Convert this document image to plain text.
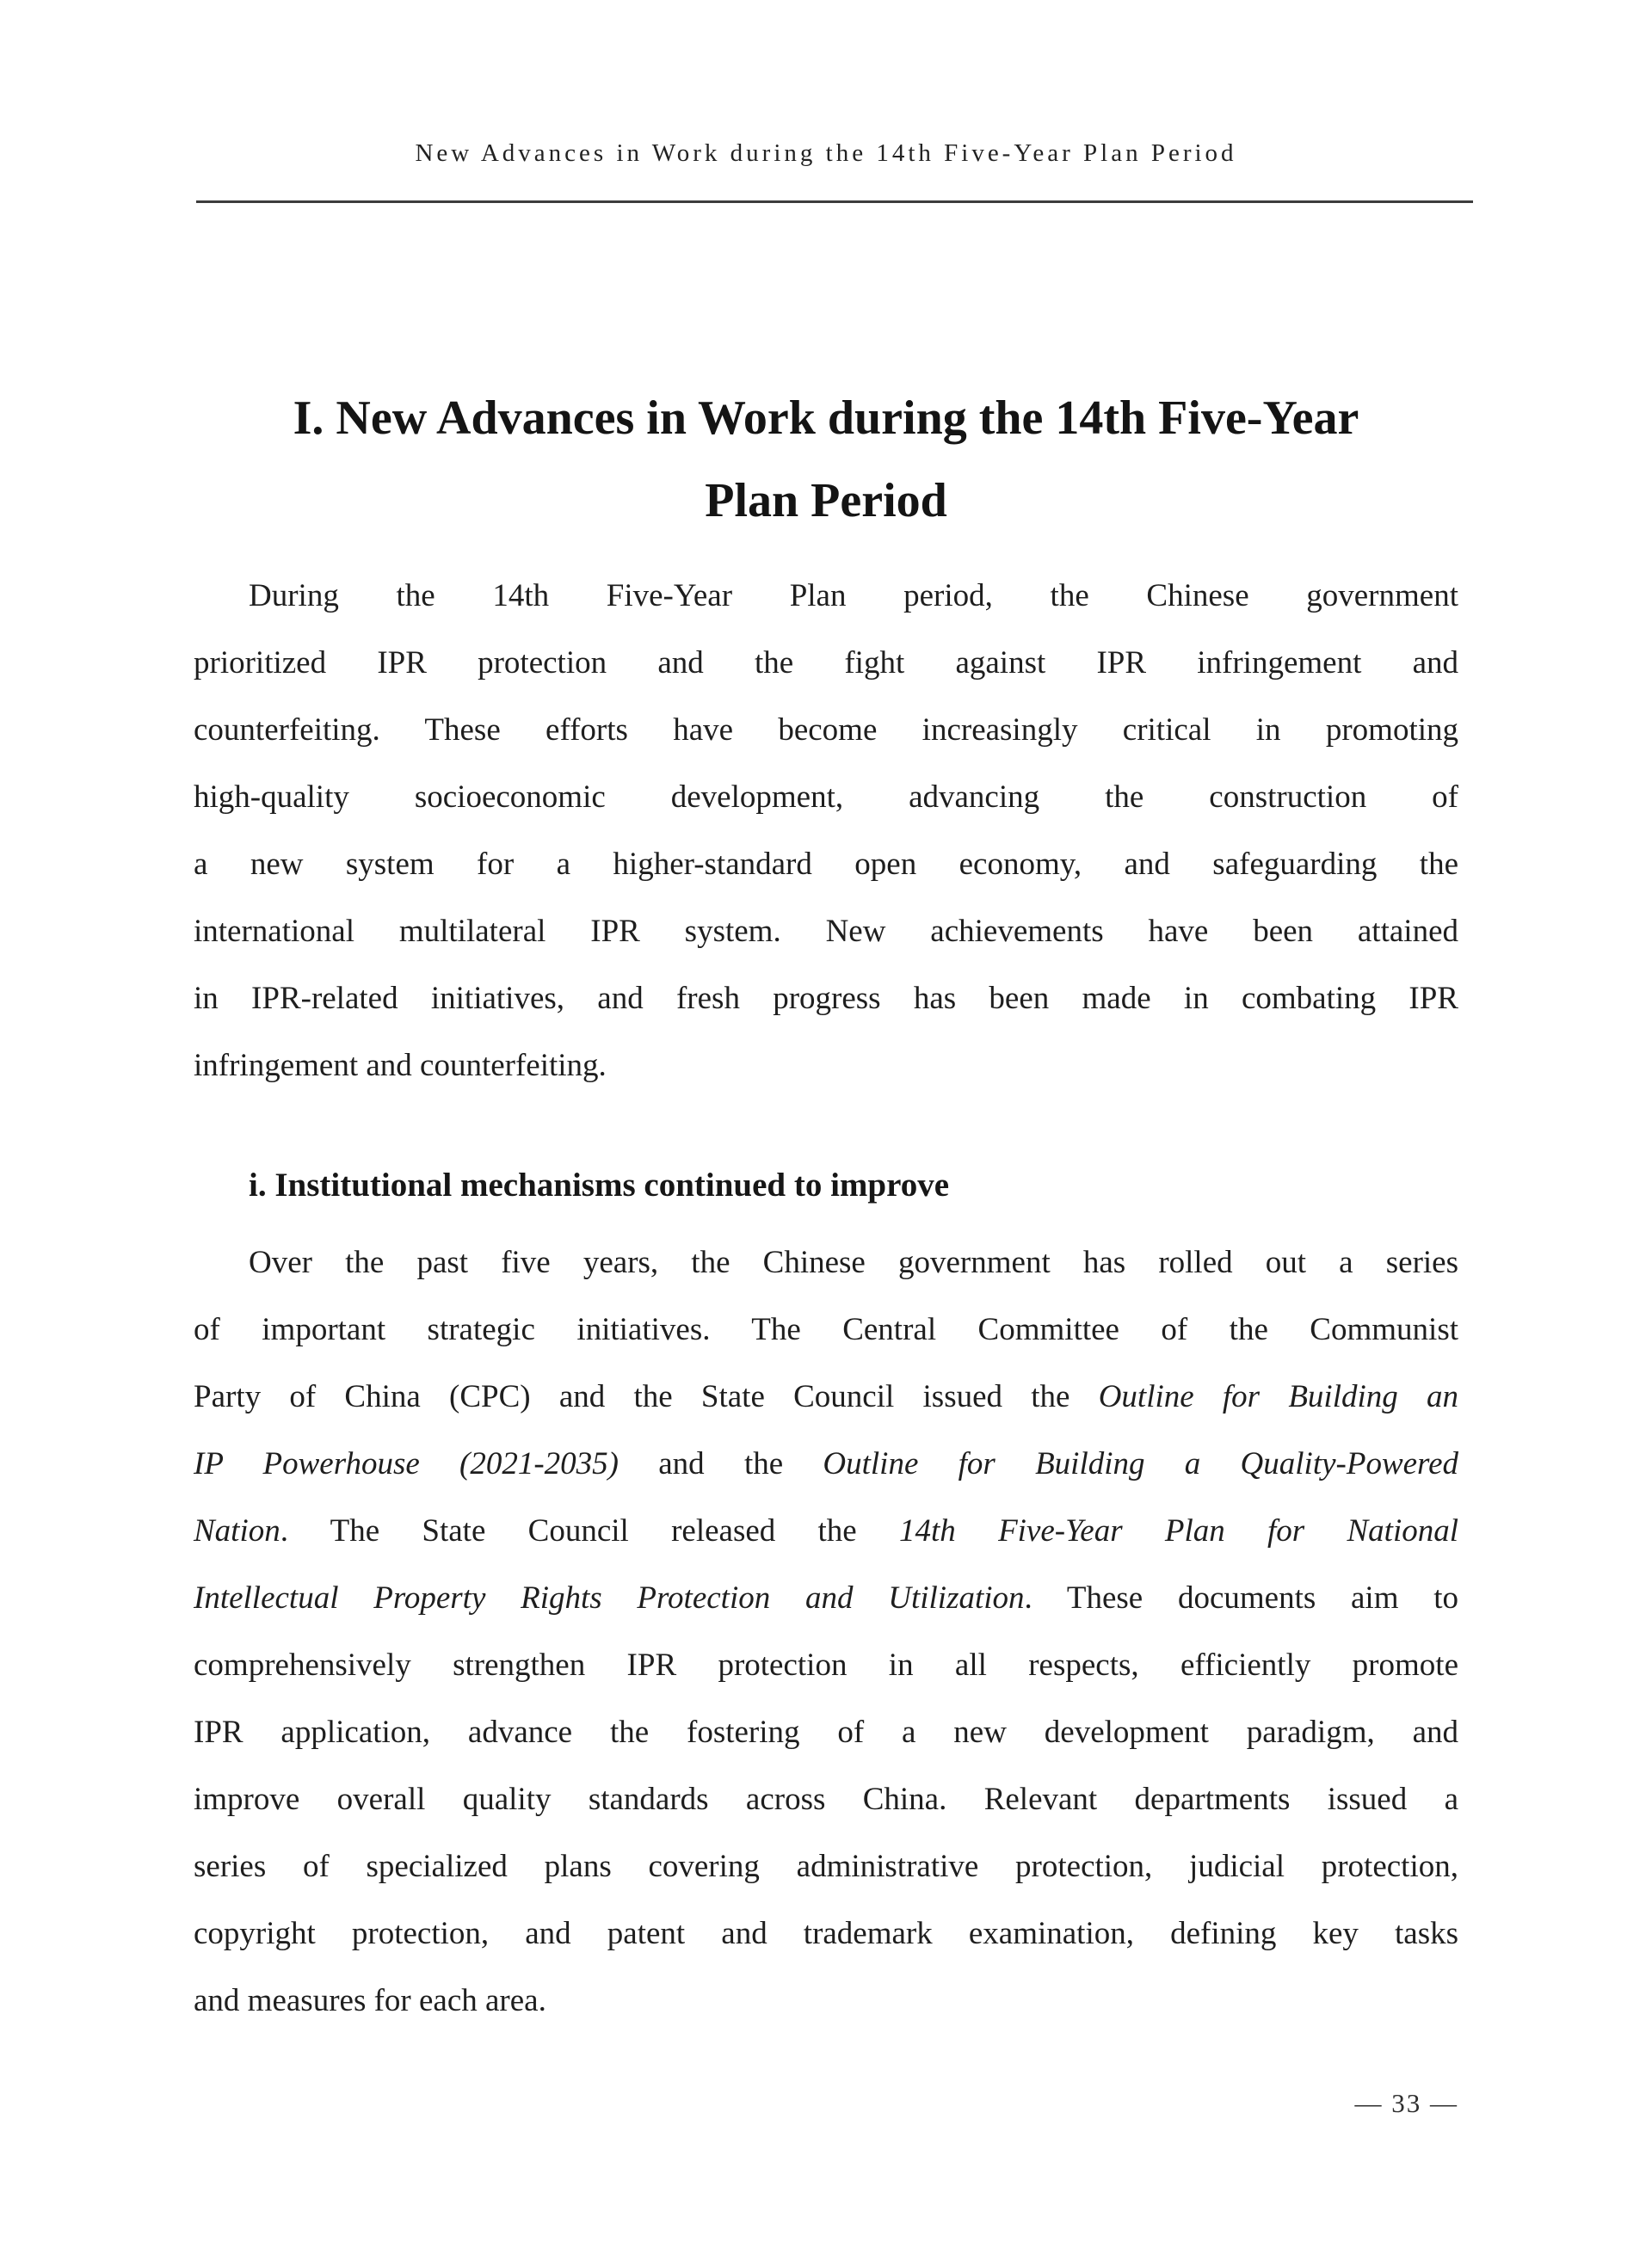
New Advances in Work during the 14th Five-Year Plan Period
I. New Advances in Work during the 14th Five-Year
Plan Period
During the 14th Five-Year Plan period, the Chinese government
prioritized IPR protection and the fight against IPR infringement and
counterfeiting. These efforts have become increasingly critical in promoting
high-quality socioeconomic development, advancing the construction of
a new system for a higher-standard open economy, and safeguarding the
international multilateral IPR system. New achievements have been attained
in IPR-related initiatives, and fresh progress has been made in combating IPR
infringement and counterfeiting.
i. Institutional mechanisms continued to improve
Over the past five years, the Chinese government has rolled out a series
of important strategic initiatives. The Central Committee of the Communist
Party of China (CPC) and the State Council issued the Outline for Building an
IP Powerhouse (2021-2035) and the Outline for Building a Quality-Powered
Nation. The State Council released the 14th Five-Year Plan for National
Intellectual Property Rights Protection and Utilization. These documents aim to
comprehensively strengthen IPR protection in all respects, efficiently promote
IPR application, advance the fostering of a new development paradigm, and
improve overall quality standards across China. Relevant departments issued a
series of specialized plans covering administrative protection, judicial protection,
copyright protection, and patent and trademark examination, defining key tasks
and measures for each area.
— 33 —
